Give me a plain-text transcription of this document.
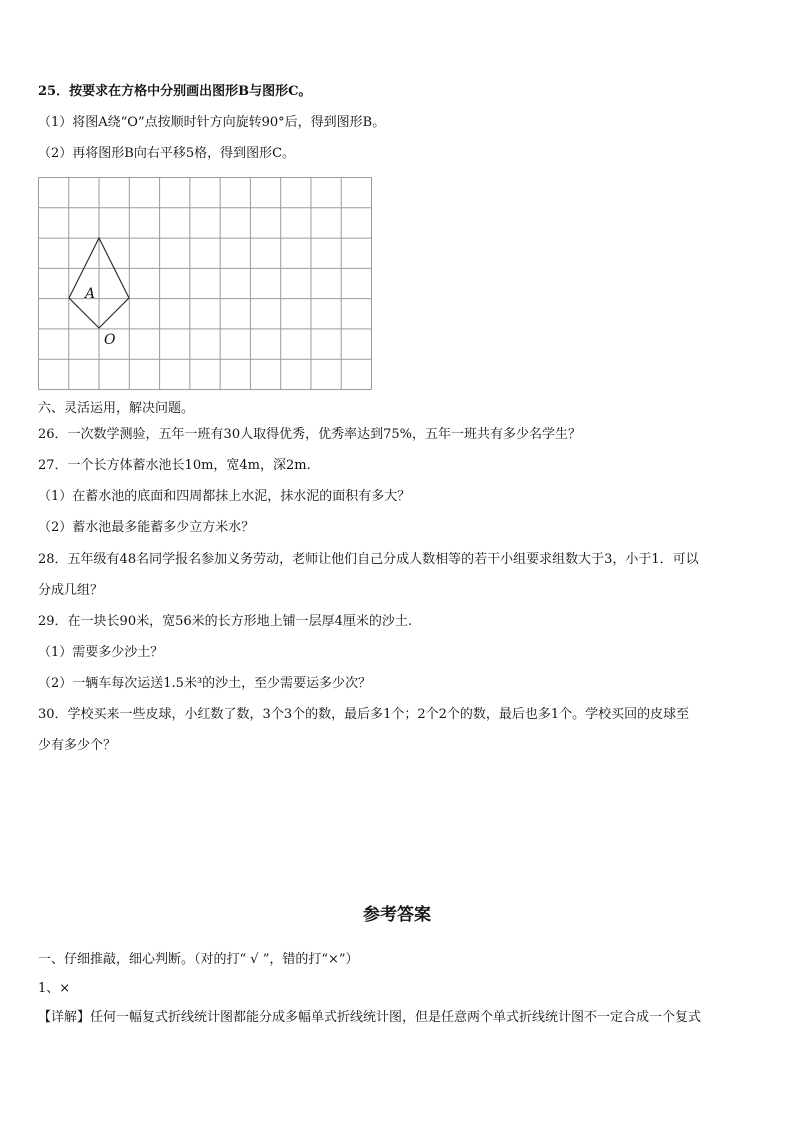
25．按要求在方格中分别画出图形B与图形C。
（1）将图A绕“O”点按顺时针方向旋转90°后，得到图形B。
（2）再将图形B向右平移5格，得到图形C。
A
O
六、灵活运用，解决问题。
26．一次数学测验，五年一班有30人取得优秀，优秀率达到75%，五年一班共有多少名学生？
27．一个长方体蓄水池长10m，宽4m，深2m.
（1）在蓄水池的底面和四周都抹上水泥，抹水泥的面积有多大？
（2）蓄水池最多能蓄多少立方米水？
28．五年级有48名同学报名参加义务劳动，老师让他们自己分成人数相等的若干小组要求组数大于3，小于1．可以
分成几组？
29．在一块长90米，宽56米的长方形地上铺一层厚4厘米的沙土.
（1）需要多少沙土？
（2）一辆车每次运送1.5米³的沙土，至少需要运多少次？
30．学校买来一些皮球，小红数了数，3个3个的数，最后多1个；2个2个的数，最后也多1个。学校买回的皮球至
少有多少个？
参考答案
一、仔细推敲，细心判断。（对的打“ √ ”，错的打“×”）
1、×
【详解】任何一幅复式折线统计图都能分成多幅单式折线统计图，但是任意两个单式折线统计图不一定合成一个复式
